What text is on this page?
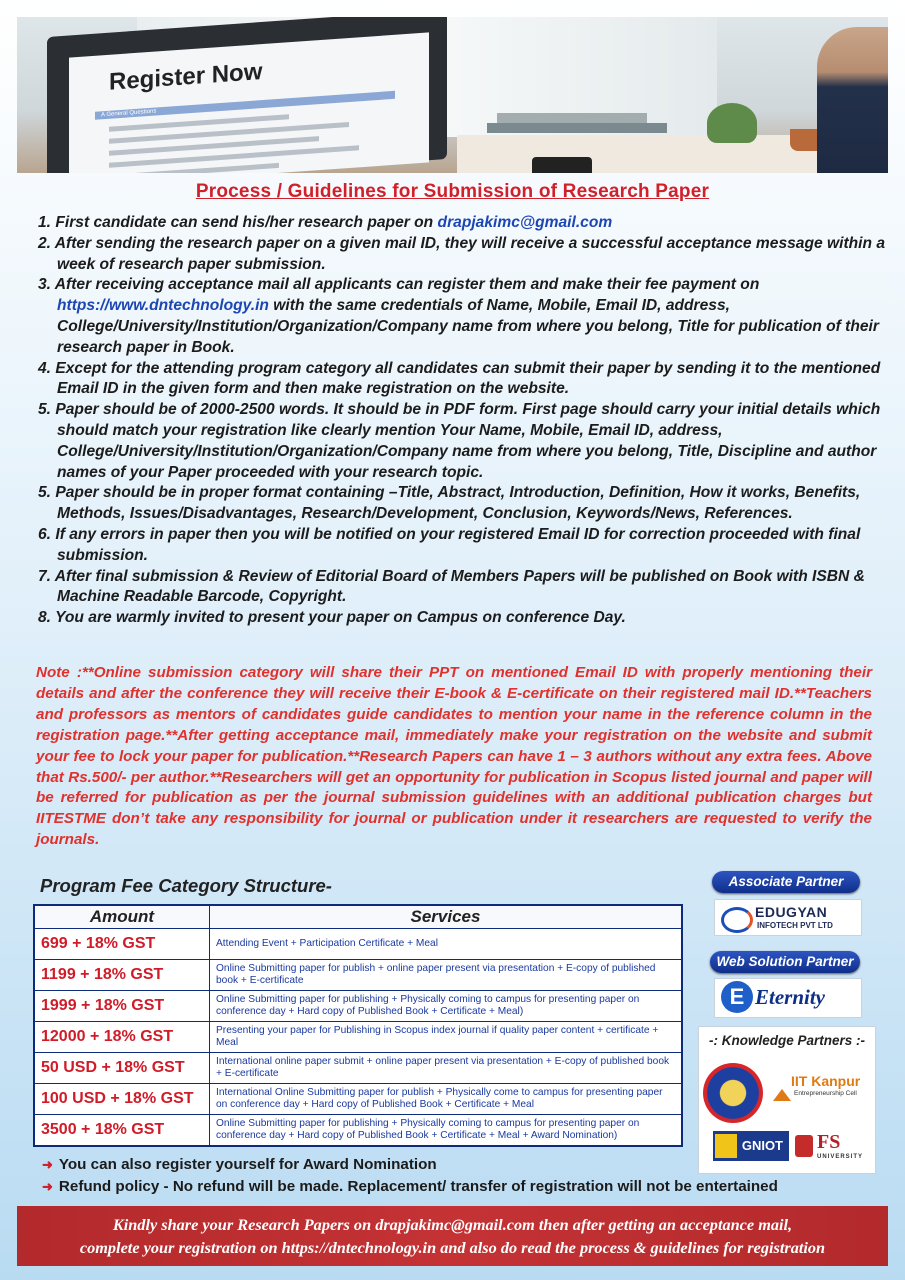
Register Now
A General Questions
Process / Guidelines for Submission of Research Paper

1. First candidate can send his/her research paper on drapjakimc@gmail.com

2. After sending the research paper on a given mail ID, they will receive a successful acceptance message within a week of research paper submission.

3. After receiving acceptance mail all applicants can register them and make their fee payment on https://www.dntechnology.in with the same credentials of Name, Mobile, Email ID, address, College/University/Institution/Organization/Company name from where you belong, Title for publication of their research paper in Book.

4. Except for the attending program category all candidates can submit their paper by sending it to the mentioned Email ID in the given form and then make registration on the website.

5. Paper should be of 2000-2500 words. It should be in PDF form. First page should carry your initial details which should match your registration like clearly mention Your Name, Mobile, Email ID, address, College/University/Institution/Organization/Company name from where you belong, Title, Discipline and author names of your Paper proceeded with your research topic.

5. Paper should be in proper format containing –Title, Abstract, Introduction, Definition, How it works, Benefits, Methods, Issues/Disadvantages, Research/Development, Conclusion, Keywords/News, References.

6. If any errors in paper then you will be notified on your registered Email ID for correction proceeded with final submission.

7. After final submission & Review of Editorial Board of Members Papers will be published on Book with ISBN & Machine Readable Barcode, Copyright.

8. You are warmly invited to present your paper on Campus on conference Day.

Note :**Online submission category will share their PPT on mentioned Email ID with properly mentioning their details and after the conference they will receive their E-book & E-certificate on their registered mail ID.**Teachers and professors as mentors of candidates guide candidates to mention your name in the reference column in the registration page.**After getting acceptance mail, immediately make your registration on the website and submit your fee to lock your paper for publication.**Research Papers can have 1 – 3 authors without any extra fees. Above that Rs.500/- per author.**Researchers will get an opportunity for publication in Scopus listed journal and paper will be referred for publication as per the journal submission guidelines with an additional publication charges but IITESTME don’t take any responsibility for journal or publication under it researchers are requested to verify the journals.
Program Fee Category Structure-
Amount	Services
699 + 18% GST	Attending Event + Participation Certificate + Meal
1199 + 18% GST	Online Submitting paper for publish + online paper present via presentation + E-copy of published book + E-certificate
1999 + 18% GST	Online Submitting paper for publishing + Physically coming to campus for presenting paper on conference day + Hard copy of Published Book + Certificate + Meal)
12000 + 18% GST	Presenting your paper for Publishing in Scopus index journal if quality paper content + certificate + Meal
50 USD + 18% GST	International online paper submit + online paper present via presentation + E-copy of published book + E-certificate
100 USD + 18% GST	International Online Submitting paper for publish + Physically come to campus for presenting paper on conference day + Hard copy of Published Book + Certificate + Meal
3500 + 18% GST	Online Submitting paper for publishing + Physically coming to campus for presenting paper on conference day + Hard copy of Published Book + Certificate + Meal + Award Nomination)
➜ You can also register yourself for Award Nomination
➜ Refund policy - No refund will be made. Replacement/ transfer of registration will not be entertained
Associate Partner
EDUGYAN
INFOTECH PVT LTD
Web Solution Partner
E Eternity
-: Knowledge Partners :-
IIT Kanpur
Entrepreneurship Cell
GNIOT	FS
UNIVERSITY
Kindly share your Research Papers on drapjakimc@gmail.com then after getting an acceptance mail,
complete your registration on https://dntechnology.in and also do read the process & guidelines for registration
